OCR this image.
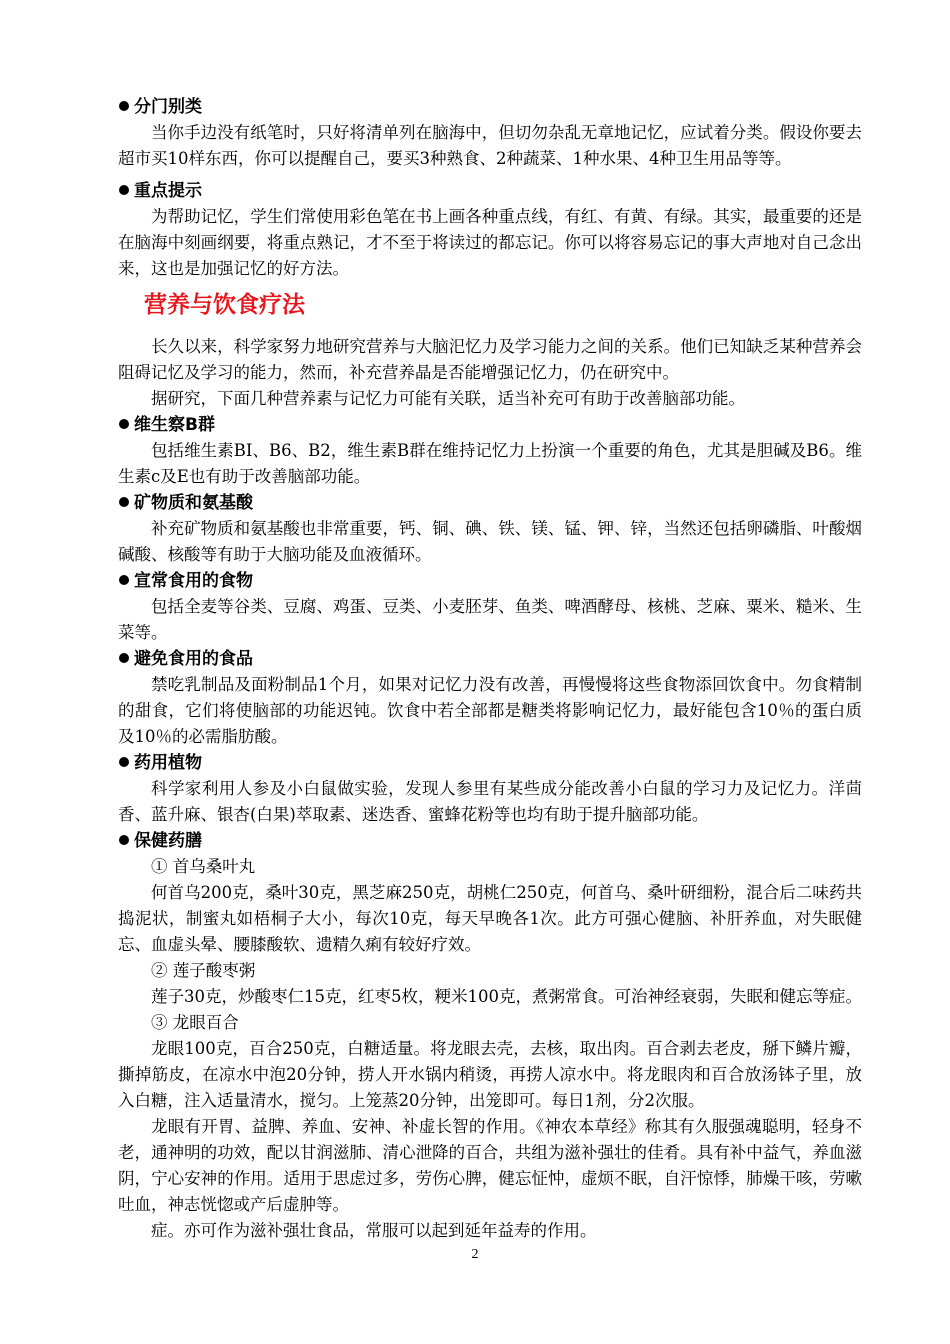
分门别类

当你手边没有纸笔时，只好将清单列在脑海中，但切勿杂乱无章地记忆，应试着分类。假设你要去超市买10样东西，你可以提醒自己，要买3种熟食、2种蔬菜、1种水果、4种卫生用品等等。

重点提示

为帮助记忆，学生们常使用彩色笔在书上画各种重点线，有红、有黄、有绿。其实，最重要的还是在脑海中刻画纲要，将重点熟记，才不至于将读过的都忘记。你可以将容易忘记的事大声地对自己念出来，这也是加强记忆的好方法。

营养与饮食疗法

长久以来，科学家努力地研究营养与大脑汜忆力及学习能力之间的关系。他们已知缺乏某种营养会阻碍记忆及学习的能力，然而，补充营养晶是否能增强记忆力，仍在研究中。

据研究，下面几种营养素与记忆力可能有关联，适当补充可有助于改善脑部功能。

维生察B群

包括维生素BI、B6、B2，维生素B群在维持记忆力上扮演一个重要的角色，尤其是胆碱及B6。维生素c及E也有助于改善脑部功能。

矿物质和氨基酸

补充矿物质和氨基酸也非常重要，钙、铜、碘、铁、镁、锰、钾、锌，当然还包括卵磷脂、叶酸烟碱酸、核酸等有助于大脑功能及血液循环。

宣常食用的食物

包括全麦等谷类、豆腐、鸡蛋、豆类、小麦胚芽、鱼类、啤酒酵母、核桃、芝麻、粟米、糙米、生菜等。

避免食用的食品

禁吃乳制品及面粉制品1个月，如果对记忆力没有改善，再慢慢将这些食物添回饮食中。勿食精制的甜食，它们将使脑部的功能迟钝。饮食中若全部都是糖类将影响记忆力，最好能包含10％的蛋白质及10％的必需脂肪酸。

药用植物

科学家利用人参及小白鼠做实验，发现人参里有某些成分能改善小白鼠的学习力及记忆力。洋茴香、蓝升麻、银杏(白果)萃取素、迷迭香、蜜蜂花粉等也均有助于提升脑部功能。

保健药膳
① 首乌桑叶丸

何首乌200克，桑叶30克，黑芝麻250克，胡桃仁250克，何首乌、桑叶研细粉，混合后二味药共捣泥状，制蜜丸如梧桐子大小，每次10克，每天早晚各1次。此方可强心健脑、补肝养血，对失眠健忘、血虚头晕、腰膝酸软、遗精久痢有较好疗效。

② 莲子酸枣粥

莲子30克，炒酸枣仁15克，红枣5枚，粳米100克，煮粥常食。可治神经衰弱，失眠和健忘等症。

③ 龙眼百合

龙眼100克，百合250克，白糖适量。将龙眼去壳，去核，取出肉。百合剥去老皮，掰下鳞片瓣，撕掉筋皮，在凉水中泡20分钟，捞人开水锅内稍烫，再捞人凉水中。将龙眼肉和百合放汤钵子里，放入白糖，注入适量清水，搅匀。上笼蒸20分钟，出笼即可。每日1剂，分2次服。

龙眼有开胃、益脾、养血、安神、补虚长智的作用。《神农本草经》称其有久服强魂聪明，轻身不老，通神明的功效，配以甘润滋肺、清心泄降的百合，共组为滋补强壮的佳肴。具有补中益气，养血滋阴，宁心安神的作用。适用于思虑过多，劳伤心脾，健忘怔忡，虚烦不眠，自汗惊悸，肺燥干咳，劳嗽吐血，神志恍惚或产后虚肿等。

症。亦可作为滋补强壮食品，常服可以起到延年益寿的作用。

2
